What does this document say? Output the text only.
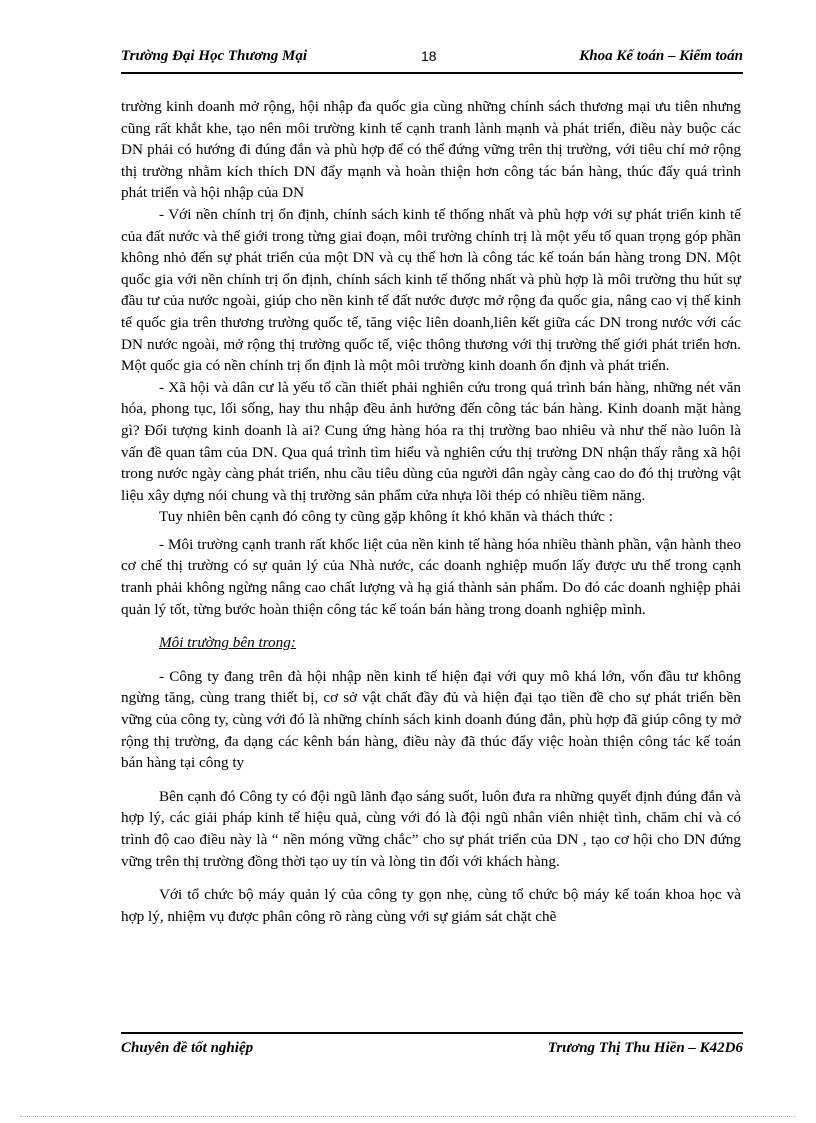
Trường Đại Học Thương Mại	18	Khoa Kế toán – Kiểm toán

trường kinh doanh mở rộng, hội nhập đa quốc gia cùng những chính sách thương mại ưu tiên nhưng cũng rất khắt khe, tạo nên môi trường kinh tế cạnh tranh lành mạnh và phát triển, điều này buộc các DN phải có hướng đi đúng đắn và phù hợp để có thể đứng vững trên thị trường, với tiêu chí mở rộng thị trường nhằm kích thích DN đẩy mạnh và hoàn thiện hơn công tác bán hàng, thúc đẩy quá trình phát triển và hội nhập của DN

- Với nền chính trị ổn định, chính sách kinh tế thống nhất và phù hợp với sự phát triển kinh tế của đất nước và thế giới trong từng giai đoạn, môi trường chính trị là một yếu tố quan trọng góp phần không nhỏ đến sự phát triển của một DN và cụ thể hơn là công tác kế toán bán hàng trong DN. Một quốc gia với nền chính trị ổn định, chính sách kinh tế thống nhất và phù hợp là môi trường thu hút sự đầu tư của nước ngoài, giúp cho nền kinh tế đất nước được mở rộng đa quốc gia, nâng cao vị thế kinh tế quốc gia trên thương trường quốc tế, tăng việc liên doanh,liên kết giữa các DN trong nước với các DN nước ngoài, mở rộng thị trường quốc tế, việc thông thương với thị trường thế giới phát triển hơn. Một quốc gia có nền chính trị ổn định là một môi trường kinh doanh ổn định và phát triển.

- Xã hội và dân cư là yếu tố cần thiết phải nghiên cứu trong quá trình bán hàng, những nét văn hóa, phong tục, lối sống, hay thu nhập đều ảnh hưởng đến công tác bán hàng. Kinh doanh mặt hàng gì? Đối tượng kinh doanh là ai? Cung ứng hàng hóa ra thị trường bao nhiêu và như thế nào luôn là vấn đề quan tâm của DN. Qua quá trình tìm hiểu và nghiên cứu thị trường DN nhận thấy rằng xã hội trong nước ngày càng phát triển, nhu cầu tiêu dùng của người dân ngày càng cao do đó thị trường vật liệu xây dựng nói chung và thị trường sản phẩm cửa nhựa lõi thép có nhiều tiềm năng.

Tuy nhiên bên cạnh đó công ty cũng gặp không ít khó khăn và thách thức :

- Môi trường cạnh tranh rất khốc liệt của nền kinh tế hàng hóa nhiều thành phần, vận hành theo cơ chế thị trường có sự quản lý của Nhà nước, các doanh nghiệp muốn lấy được ưu thế trong cạnh tranh phải không ngừng nâng cao chất lượng và hạ giá thành sản phẩm. Do đó các doanh nghiệp phải quản lý tốt, từng bước hoàn thiện công tác kế toán bán hàng trong doanh nghiệp mình.

Môi trường bên trong:

- Công ty đang trên đà hội nhập nền kinh tế hiện đại với quy mô khá lớn, vốn đầu tư không ngừng tăng, cùng trang thiết bị, cơ sở vật chất đầy đủ và hiện đại tạo tiền đề cho sự phát triển bền vững của công ty, cùng với đó là những chính sách kinh doanh đúng đắn, phù hợp đã giúp công ty mở rộng thị trường, đa dạng các kênh bán hàng, điều này đã thúc đẩy việc hoàn thiện công tác kế toán bán hàng tại công ty

Bên cạnh đó Công ty có đội ngũ lãnh đạo sáng suốt, luôn đưa ra những quyết định đúng đắn và hợp lý, các giải pháp kinh tế hiệu quả, cùng với đó là đội ngũ nhân viên nhiệt tình, chăm chỉ và có trình độ cao điều này là “ nền móng vững chắc” cho sự phát triển của DN , tạo cơ hội cho DN đứng vững trên thị trường đồng thời tạo uy tín và lòng tin đối với khách hàng.

Với tổ chức bộ máy quản lý của công ty gọn nhẹ, cùng tổ chức bộ máy kế toán khoa học và hợp lý, nhiệm vụ được phân công rõ ràng cùng với sự giám sát chặt chẽ

Chuyên đề tốt nghiệp	Trương Thị Thu Hiền – K42D6
